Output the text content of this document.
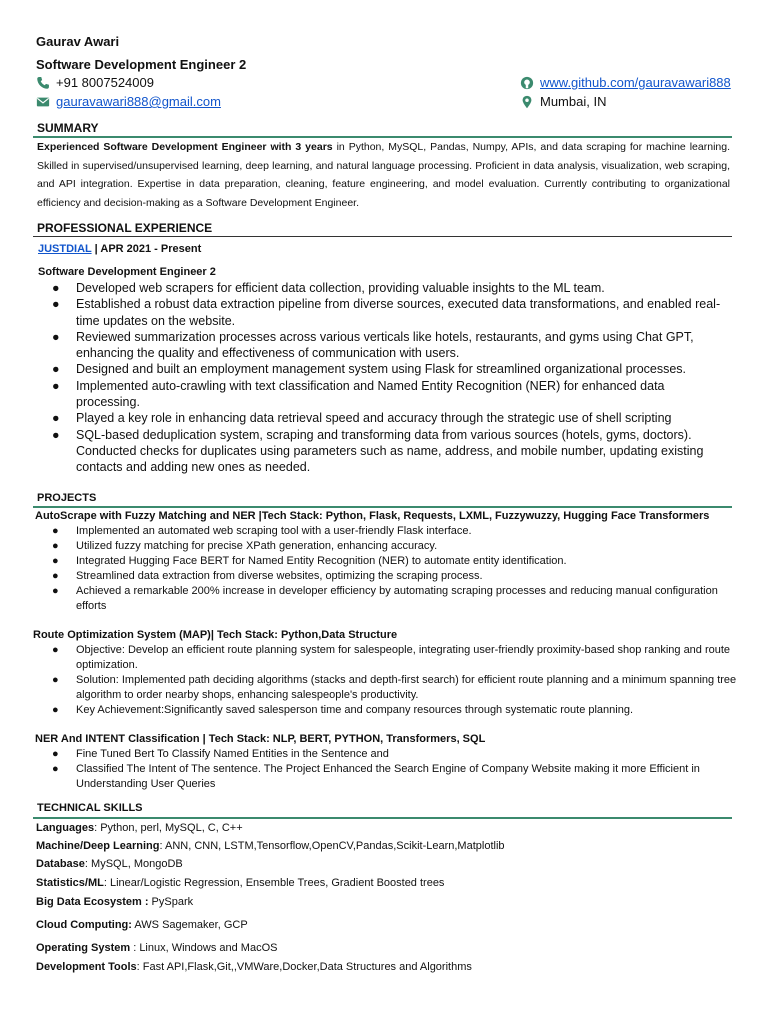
Gaurav Awari
Software Development Engineer 2
+91 8007524009
gauravawari888@gmail.com
www.github.com/gauravawari888
Mumbai, IN
SUMMARY
Experienced Software Development Engineer with 3 years in Python, MySQL, Pandas, Numpy, APIs, and data scraping for machine learning. Skilled in supervised/unsupervised learning, deep learning, and natural language processing. Proficient in data analysis, visualization, web scraping, and API integration. Expertise in data preparation, cleaning, feature engineering, and model evaluation. Currently contributing to organizational efficiency and decision-making as a Software Development Engineer.
PROFESSIONAL EXPERIENCE
JUSTDIAL | APR 2021 - Present
Software Development Engineer 2
● Developed web scrapers for efficient data collection, providing valuable insights to the ML team.
● Established a robust data extraction pipeline from diverse sources, executed data transformations, and enabled real-time updates on the website.
● Reviewed summarization processes across various verticals like hotels, restaurants, and gyms using Chat GPT, enhancing the quality and effectiveness of communication with users.
● Designed and built an employment management system using Flask for streamlined organizational processes.
● Implemented auto-crawling with text classification and Named Entity Recognition (NER) for enhanced data processing.
● Played a key role in enhancing data retrieval speed and accuracy through the strategic use of shell scripting
● SQL-based deduplication system, scraping and transforming data from various sources (hotels, gyms, doctors). Conducted checks for duplicates using parameters such as name, address, and mobile number, updating existing contacts and adding new ones as needed.
PROJECTS
AutoScrape with Fuzzy Matching and NER |Tech Stack: Python, Flask, Requests, LXML, Fuzzywuzzy, Hugging Face Transformers
● Implemented an automated web scraping tool with a user-friendly Flask interface.
● Utilized fuzzy matching for precise XPath generation, enhancing accuracy.
● Integrated Hugging Face BERT for Named Entity Recognition (NER) to automate entity identification.
● Streamlined data extraction from diverse websites, optimizing the scraping process.
● Achieved a remarkable 200% increase in developer efficiency by automating scraping processes and reducing manual configuration efforts
Route Optimization System (MAP)| Tech Stack: Python,Data Structure
● Objective: Develop an efficient route planning system for salespeople, integrating user-friendly proximity-based shop ranking and route optimization.
● Solution: Implemented path deciding algorithms (stacks and depth-first search) for efficient route planning and a minimum spanning tree algorithm to order nearby shops, enhancing salespeople's productivity.
● Key Achievement:Significantly saved salesperson time and company resources through systematic route planning.
NER And INTENT Classification | Tech Stack: NLP, BERT, PYTHON, Transformers, SQL
● Fine Tuned Bert To Classify Named Entities in the Sentence and
● Classified The Intent of The sentence. The Project Enhanced the Search Engine of Company Website making it more Efficient in Understanding User Queries
TECHNICAL SKILLS
Languages: Python, perl, MySQL, C, C++
Machine/Deep Learning: ANN, CNN, LSTM,Tensorflow,OpenCV,Pandas,Scikit-Learn,Matplotlib
Database: MySQL, MongoDB
Statistics/ML: Linear/Logistic Regression, Ensemble Trees, Gradient Boosted trees
Big Data Ecosystem : PySpark
Cloud Computing: AWS Sagemaker, GCP
Operating System : Linux, Windows and MacOS
Development Tools: Fast API,Flask,Git,,VMWare,Docker,Data Structures and Algorithms
